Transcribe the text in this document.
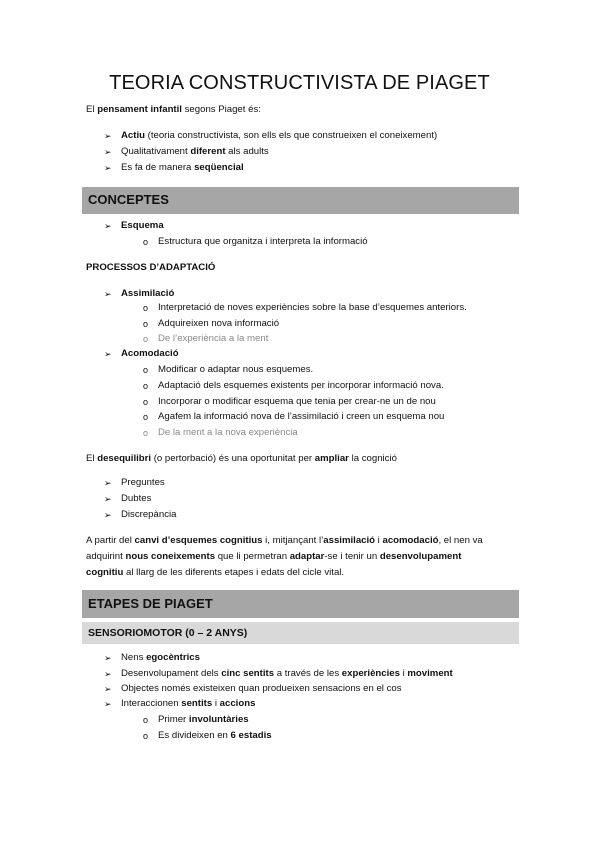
TEORIA CONSTRUCTIVISTA DE PIAGET
El pensament infantil segons Piaget és:
➢ Actiu (teoria constructivista, son ells els que construeixen el coneixement)
➢ Qualitativament diferent als adults
➢ Es fa de manera seqüencial
CONCEPTES
➢ Esquema
o Estructura que organitza i interpreta la informació
PROCESSOS D’ADAPTACIÓ
➢ Assimilació
o Interpretació de noves experiències sobre la base d’esquemes anteriors.
o Adquireixen nova informació
o De l’experiència a la ment
➢ Acomodació
o Modificar o adaptar nous esquemes.
o Adaptació dels esquemes existents per incorporar informació nova.
o Incorporar o modificar esquema que tenia per crear-ne un de nou
o Agafem la informació nova de l’assimilació i creen un esquema nou
o De la ment a la nova experiència
El desequilibri (o pertorbació) és una oportunitat per ampliar la cognició
➢ Preguntes
➢ Dubtes
➢ Discrepància
A partir del canvi d’esquemes cognitius i, mitjançant l’assimilació i acomodació, el nen va
adquirint nous coneixements que li permetran adaptar-se i tenir un desenvolupament
cognitiu al llarg de les diferents etapes i edats del cicle vital.
ETAPES DE PIAGET
SENSORIOMOTOR (0 – 2 ANYS)
➢ Nens egocèntrics
➢ Desenvolupament dels cinc sentits a través de les experiències i moviment
➢ Objectes només existeixen quan produeixen sensacions en el cos
➢ Interaccionen sentits i accions
o Primer involuntàries
o Es divideixen en 6 estadis
